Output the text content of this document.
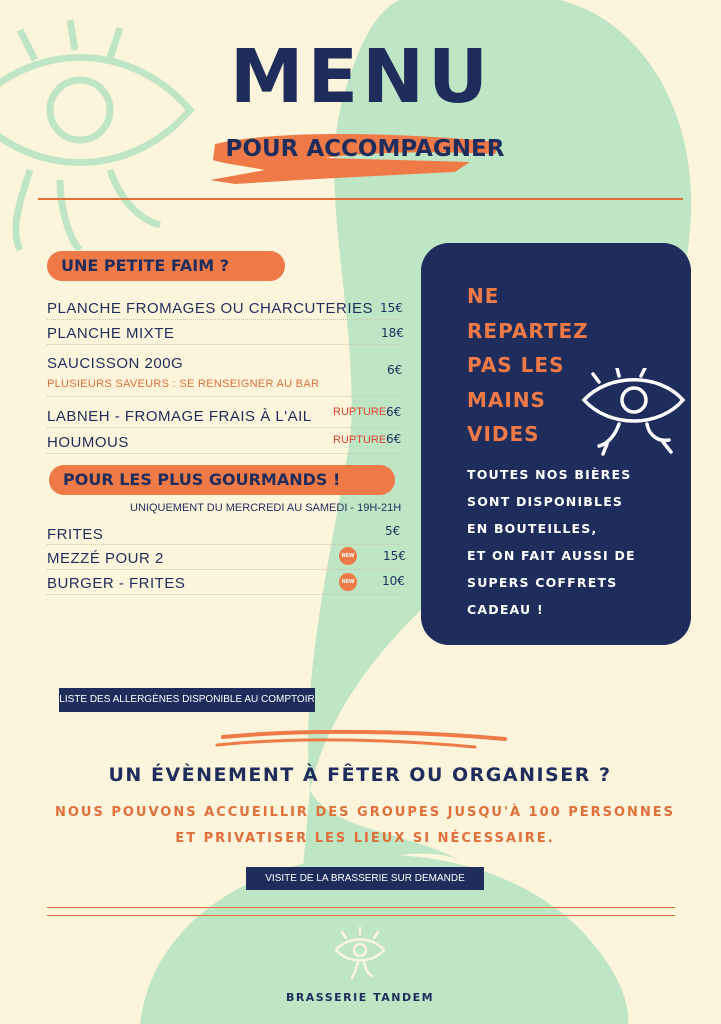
MENU
POUR ACCOMPAGNER
UNE PETITE FAIM ?
PLANCHE FROMAGES OU CHARCUTERIES 15€
PLANCHE MIXTE	18€
SAUCISSON 200G	6€
PLUSIEURS SAVEURS : SE RENSEIGNER AU BAR
LABNEH - FROMAGE FRAIS À L'AIL RUPTURE 6€
HOUMOUS	RUPTURE 6€
POUR LES PLUS GOURMANDS !
UNIQUEMENT DU MERCREDI AU SAMEDI - 19H-21H
FRITES	5€
MEZZÉ POUR 2	NEW 15€
BURGER - FRITES	NEW 10€
NE
REPARTEZ
PAS LES
MAINS
VIDES
TOUTES NOS BIÈRES
SONT DISPONIBLES
EN BOUTEILLES,
ET ON FAIT AUSSI DE
SUPERS COFFRETS
CADEAU !
LISTE DES ALLERGÈNES DISPONIBLE AU COMPTOIR
UN ÉVÈNEMENT À FÊTER OU ORGANISER ?
NOUS POUVONS ACCUEILLIR DES GROUPES JUSQU'À 100 PERSONNES
ET PRIVATISER LES LIEUX SI NÉCESSAIRE.
VISITE DE LA BRASSERIE SUR DEMANDE
BRASSERIE TANDEM
